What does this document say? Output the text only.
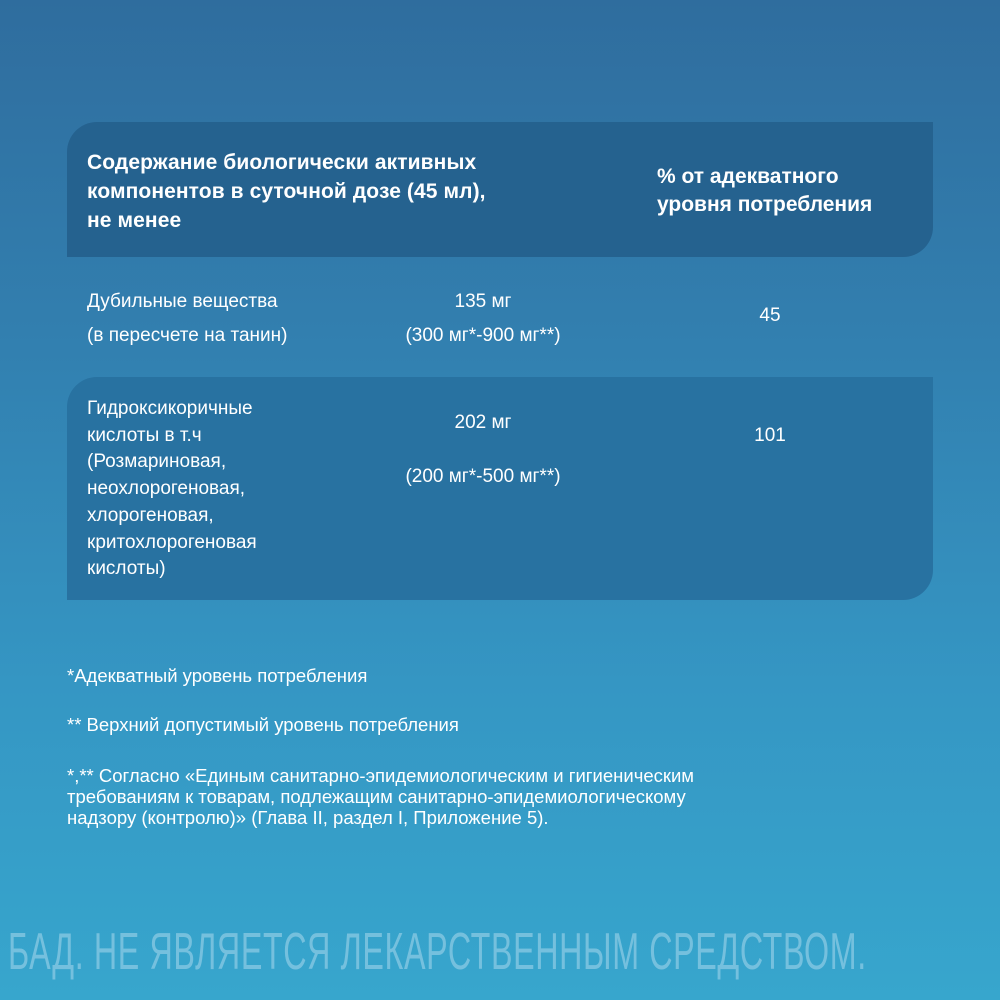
Содержание биологически активных
компонентов в суточной дозе (45 мл),
не менее
% от адекватного
уровня потребления
Дубильные вещества
(в пересчете на танин)
135 мг
(300 мг*-900 мг**)
45
Гидроксикоричные
кислоты в т.ч
(Розмариновая,
неохлорогеновая,
хлорогеновая,
критохлорогеновая
кислоты)
202 мг
(200 мг*-500 мг**)
101
*Адекватный уровень потребления
** Верхний допустимый уровень потребления
*,** Согласно «Единым санитарно-эпидемиологическим и гигиеническим
требованиям к товарам, подлежащим санитарно-эпидемиологическому
надзору (контролю)» (Глава II, раздел I, Приложение 5).
БАД. НЕ ЯВЛЯЕТСЯ ЛЕКАРСТВЕННЫМ СРЕДСТВОМ.
